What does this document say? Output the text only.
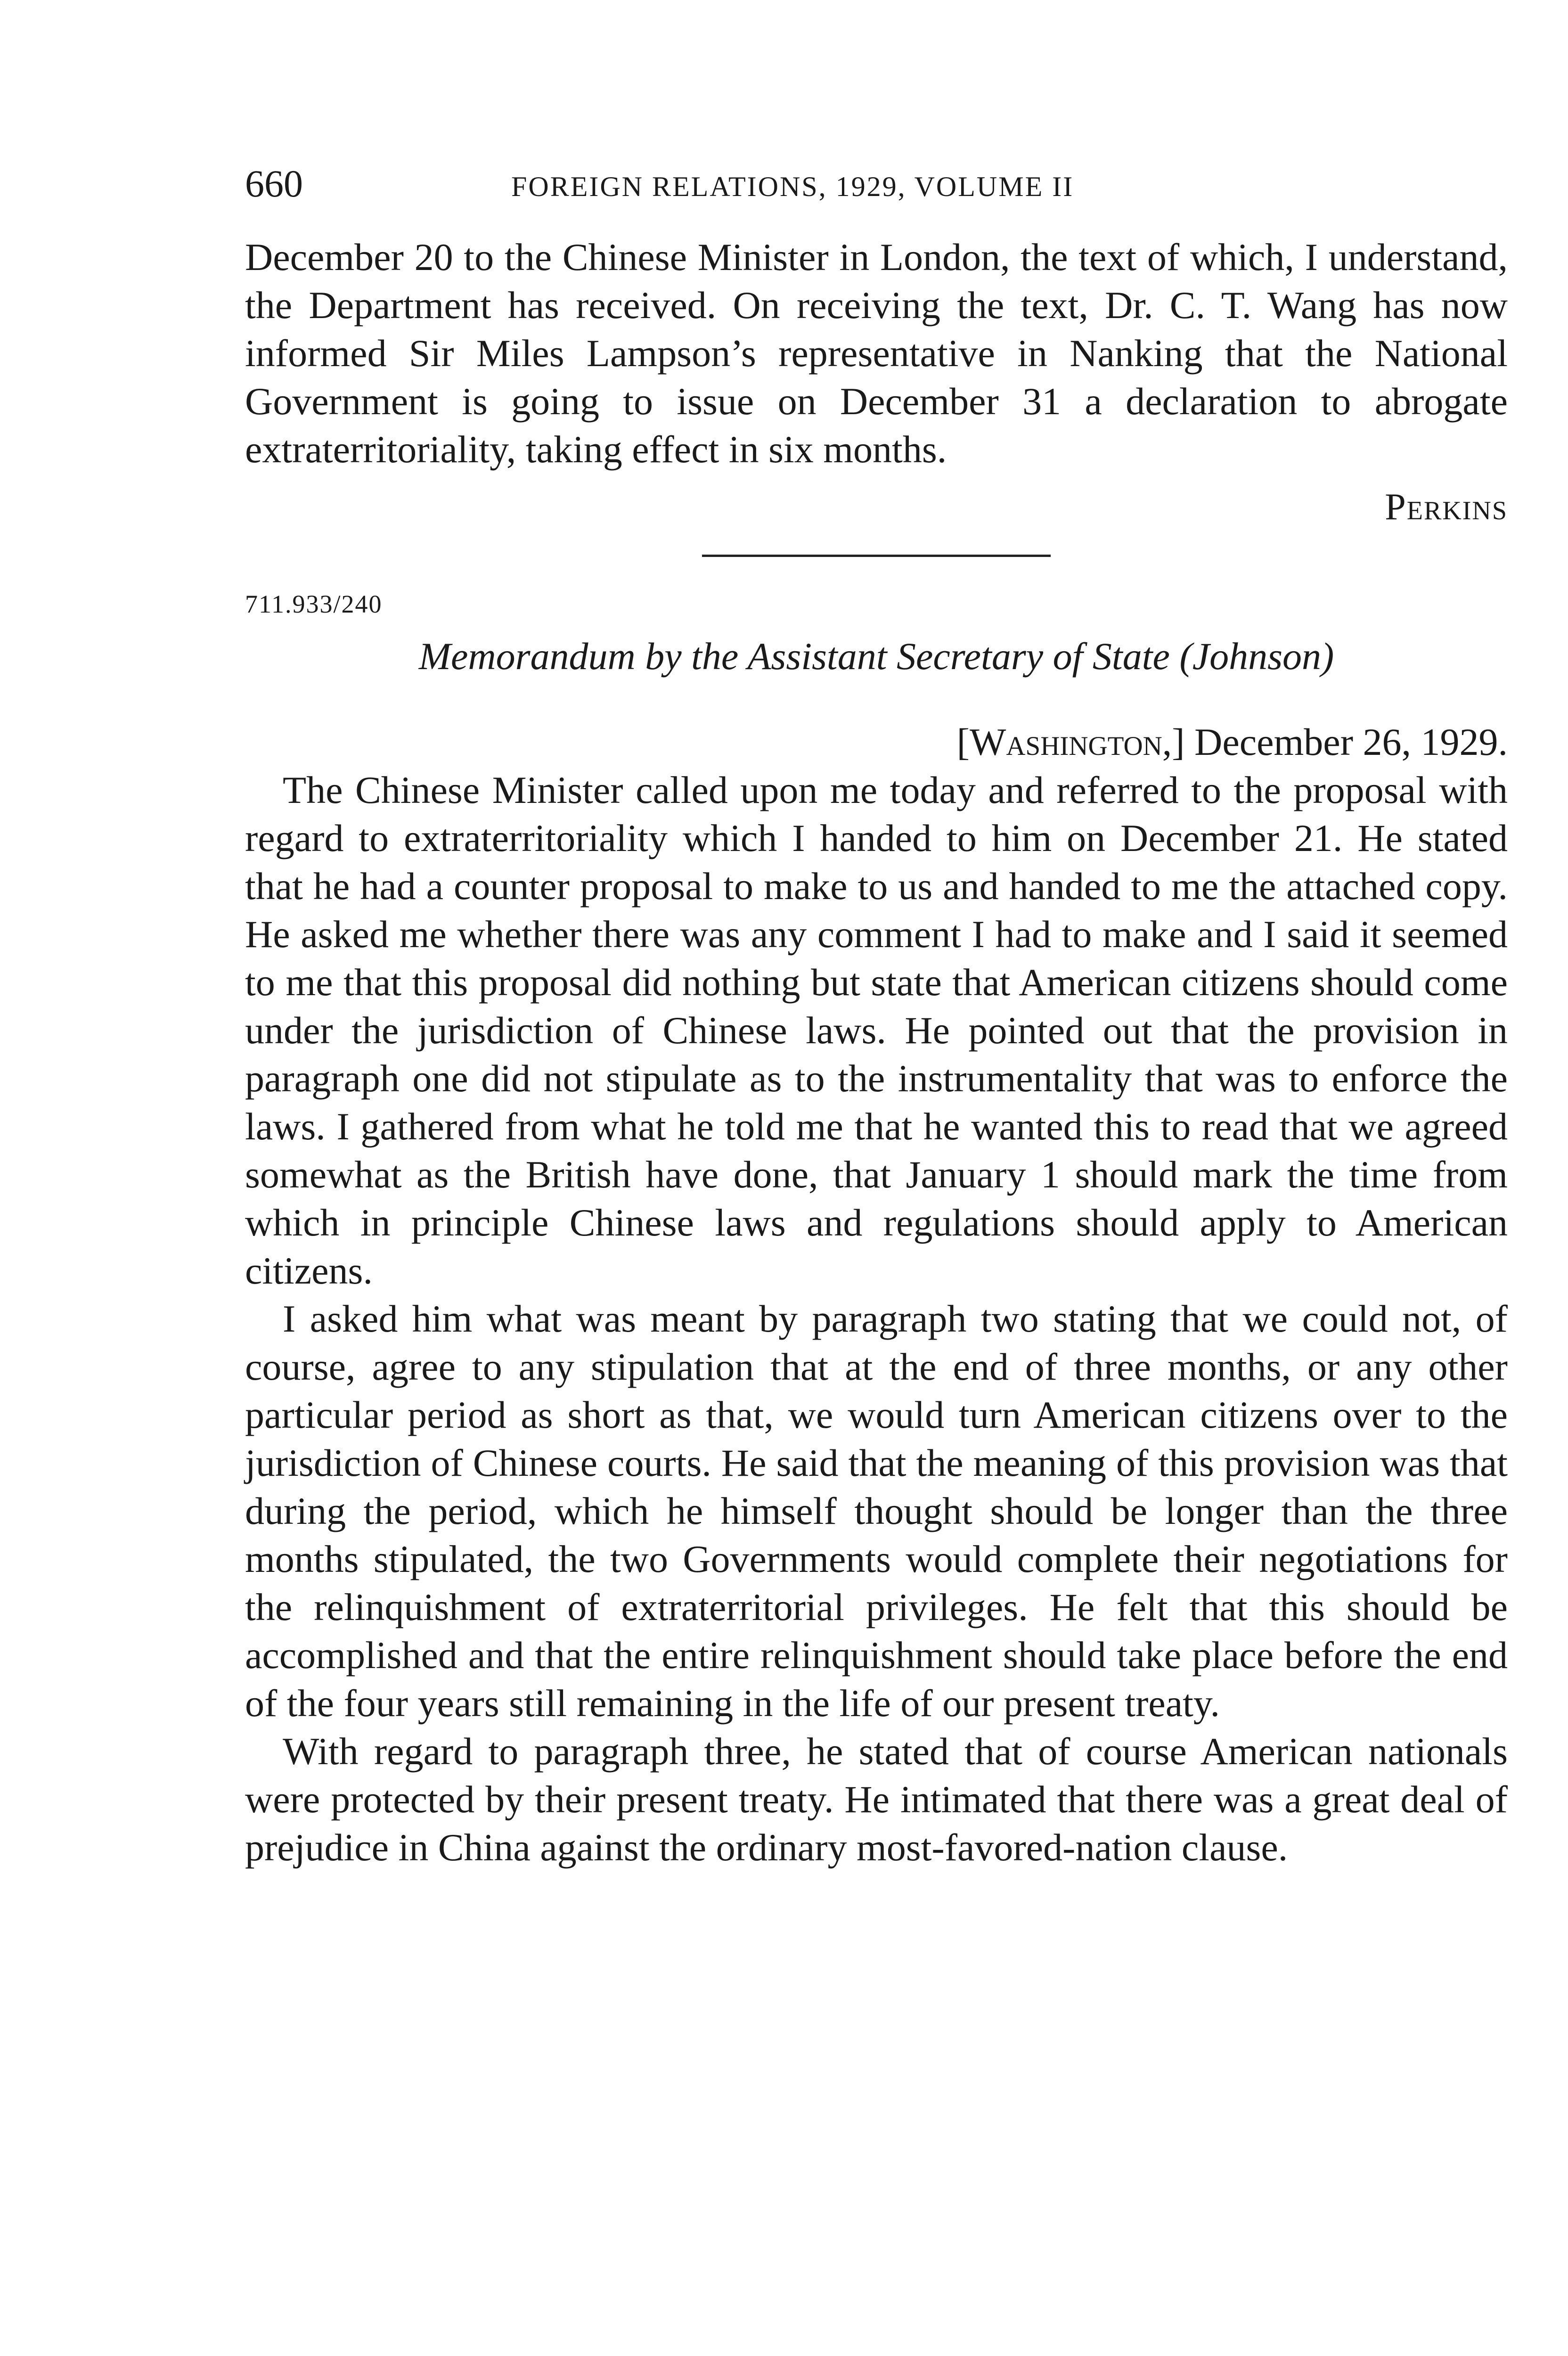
660	FOREIGN RELATIONS, 1929, VOLUME II

December 20 to the Chinese Minister in London, the text of which, I understand, the Department has received. On receiving the text, Dr. C. T. Wang has now informed Sir Miles Lampson’s representative in Nanking that the National Government is going to issue on December 31 a declaration to abrogate extraterritoriality, taking effect in six months.

Perkins

711.933/240

Memorandum by the Assistant Secretary of State (Johnson)

[Washington,] December 26, 1929.

The Chinese Minister called upon me today and referred to the proposal with regard to extraterritoriality which I handed to him on December 21. He stated that he had a counter proposal to make to us and handed to me the attached copy. He asked me whether there was any comment I had to make and I said it seemed to me that this proposal did nothing but state that American citizens should come under the jurisdiction of Chinese laws. He pointed out that the provision in paragraph one did not stipulate as to the instrumentality that was to enforce the laws. I gathered from what he told me that he wanted this to read that we agreed somewhat as the British have done, that January 1 should mark the time from which in principle Chinese laws and regulations should apply to American citizens.

I asked him what was meant by paragraph two stating that we could not, of course, agree to any stipulation that at the end of three months, or any other particular period as short as that, we would turn American citizens over to the jurisdiction of Chinese courts. He said that the meaning of this provision was that during the period, which he himself thought should be longer than the three months stipulated, the two Governments would complete their negotiations for the relinquishment of extraterritorial privileges. He felt that this should be accomplished and that the entire relinquishment should take place before the end of the four years still remaining in the life of our present treaty.

With regard to paragraph three, he stated that of course American nationals were protected by their present treaty. He intimated that there was a great deal of prejudice in China against the ordinary most-favored-nation clause.
